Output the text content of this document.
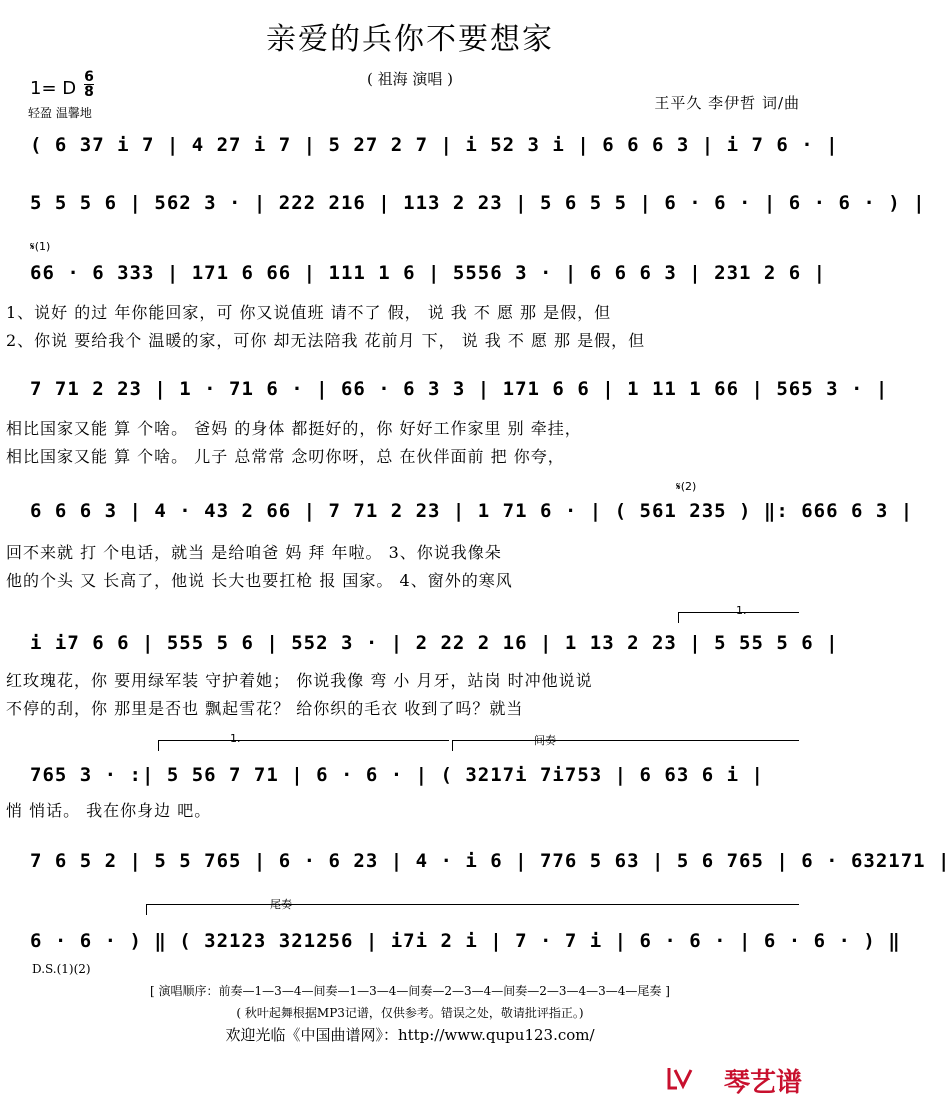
亲爱的兵你不要想家
( 祖海 演唱 )
1= D
6
8
轻盈 温馨地
王平久 李伊哲 词/曲
( 6 37 i 7 | 4 27 i 7 | 5 27 2 7 | i 52 3 i | 6 6 6 3 | i 7 6 · |
5 5 5 6 | 562 3 · | 222 216 | 113 2 23 | 5 6 5 5 | 6 · 6 · | 6 · 6 · ) |
𝄋(1)
66 · 6 333 | 171 6 66 | 111 1 6 | 5556 3 · | 6 6 6 3 | 231 2 6 |
1、说好 的过 年你能回家，可 你又说值班 请不了 假， 说 我 不 愿 那 是假，但
2、你说 要给我个 温暖的家，可你 却无法陪我 花前月 下， 说 我 不 愿 那 是假，但
7 71 2 23 | 1 · 71 6 · | 66 · 6 3 3 | 171 6 6 | 1 11 1 66 | 565 3 · |
相比国家又能 算 个啥。 爸妈 的身体 都挺好的，你 好好工作家里 别 牵挂，
相比国家又能 算 个啥。 儿子 总常常 念叨你呀，总 在伙伴面前 把 你夸，
𝄋(2)
6 6 6 3 | 4 · 43 2 66 | 7 71 2 23 | 1 71 6 · | ( 561 235 ) ‖: 666 6 3 |
回不来就 打 个电话，就当 是给咱爸 妈 拜 年啦。 3、你说我像朵
他的个头 又 长高了，他说 长大也要扛枪 报 国家。 4、窗外的寒风
1.
i i7 6 6 | 555 5 6 | 552 3 · | 2 22 2 16 | 1 13 2 23 | 5 55 5 6 |
红玫瑰花，你 要用绿军装 守护着她； 你说我像 弯 小 月牙，站岗 时冲他说说
不停的刮，你 那里是否也 飘起雪花？ 给你织的毛衣 收到了吗？就当
1.	间奏
765 3 · :| 5 56 7 71 | 6 · 6 · | ( 3217i 7i753 | 6 63 6 i |
悄 悄话。 我在你身边 吧。
7 6 5 2 | 5 5 765 | 6 · 6 23 | 4 · i 6 | 776 5 63 | 5 6 765 | 6 · 632171 |
尾奏
6 · 6 · ) ‖ ( 32123 321256 | i7i 2 i | 7 · 7 i | 6 · 6 · | 6 · 6 · ) ‖
D.S.(1)(2)
[ 演唱顺序：前奏—1—3—4—间奏—1—3—4—间奏—2—3—4—间奏—2—3—4—3—4—尾奏 ]
( 秋叶起舞根据MP3记谱，仅供参考。错误之处，敬请批评指正。)
欢迎光临《中国曲谱网》：http://www.qupu123.com/
琴艺谱
